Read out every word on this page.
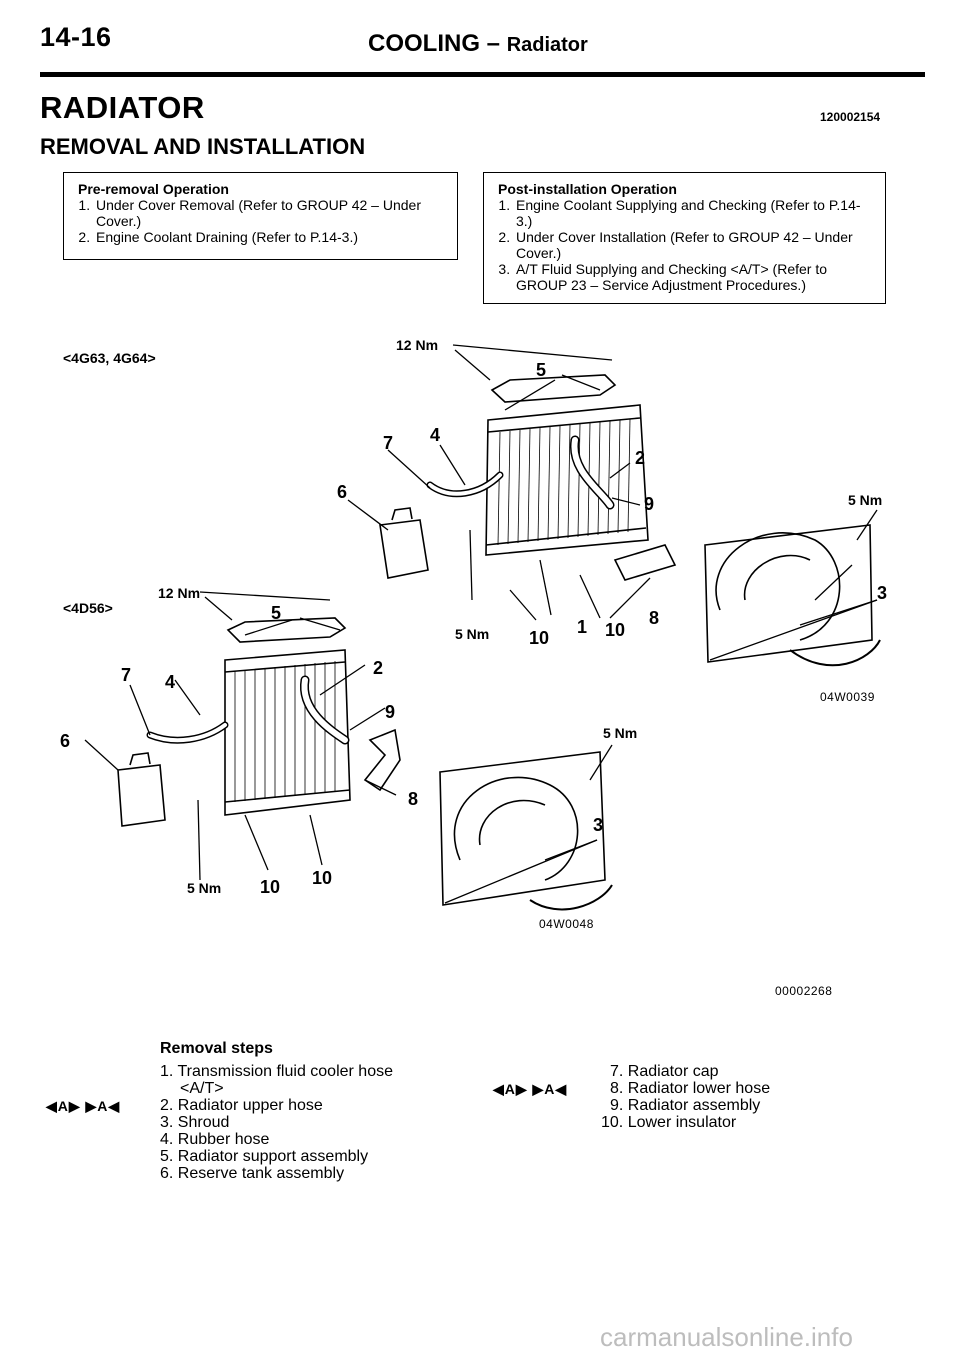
14-16	COOLING – Radiator
RADIATOR	120002154
REMOVAL AND INSTALLATION
Pre-removal Operation
1. Under Cover Removal (Refer to GROUP 42 – Under Cover.)
2. Engine Coolant Draining (Refer to P.14-3.)
Post-installation Operation
1. Engine Coolant Supplying and Checking (Refer to P.14-3.)
2. Under Cover Installation (Refer to GROUP 42 – Under Cover.)
3. A/T Fluid Supplying and Checking <A/T> (Refer to GROUP 23 – Service Adjustment Procedures.)
<4G63, 4G64>
<4D56>
12 Nm
12 Nm
5 Nm
5 Nm
5 Nm
5 Nm
5
7 4
2
6
9
3
10
1 10
8
04W0039
5
2
7 4
9
6
8
3
10
10
04W0048
00002268
Removal steps
1. Transmission fluid cooler hose
<A/T>
2. Radiator upper hose
3. Shroud
4. Rubber hose
5. Radiator support assembly
6. Reserve tank assembly
◀A▶ ▶A◀
7. Radiator cap
8. Radiator lower hose
9. Radiator assembly
10. Lower insulator
◀A▶ ▶A◀
carmanualsonline.info
